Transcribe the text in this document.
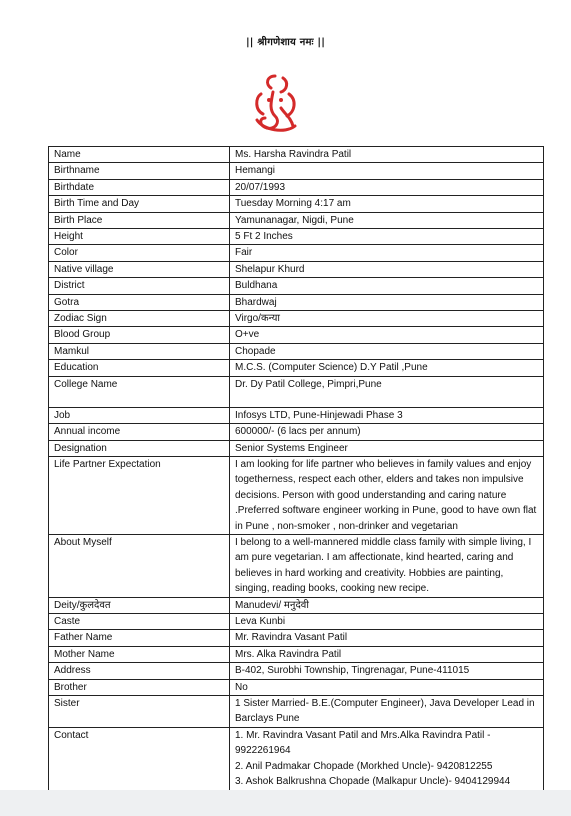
|| श्रीगणेशाय नमः ||
Name	Ms. Harsha Ravindra Patil
Birthname	Hemangi
Birthdate	20/07/1993
Birth Time and Day	Tuesday Morning 4:17 am
Birth Place	Yamunanagar, Nigdi, Pune
Height	5 Ft 2 Inches
Color	Fair
Native village	Shelapur Khurd
District	Buldhana
Gotra	Bhardwaj
Zodiac Sign	Virgo/कन्या
Blood Group	O+ve
Mamkul	Chopade
Education	M.C.S. (Computer Science) D.Y Patil ,Pune
College Name	Dr. Dy Patil College, Pimpri,Pune
Job	Infosys LTD, Pune-Hinjewadi Phase 3
Annual income	600000/- (6 lacs per annum)
Designation	Senior Systems Engineer
Life Partner Expectation	I am looking for life partner who believes in family values and enjoy togetherness, respect each other, elders and takes non impulsive decisions. Person with good understanding and caring nature .Preferred software engineer working in Pune, good to have own flat in Pune , non-smoker , non-drinker and vegetarian
About Myself	I belong to a well-mannered middle class family with simple living, I am pure vegetarian. I am affectionate, kind hearted, caring and believes in hard working and creativity. Hobbies are painting, singing, reading books, cooking new recipe.
Deity/कुलदेवत	Manudevi/ मनुदेवी
Caste	Leva Kunbi
Father Name	Mr. Ravindra Vasant Patil
Mother Name	Mrs. Alka Ravindra Patil
Address	B-402, Surobhi Township, Tingrenagar, Pune-411015
Brother	No
Sister	1 Sister Married- B.E.(Computer Engineer), Java Developer Lead in Barclays Pune
Contact	1. Mr. Ravindra Vasant Patil and Mrs.Alka Ravindra Patil -
9922261964
2. Anil Padmakar Chopade (Morkhed Uncle)- 9420812255
3. Ashok Balkrushna Chopade (Malkapur Uncle)- 9404129944
